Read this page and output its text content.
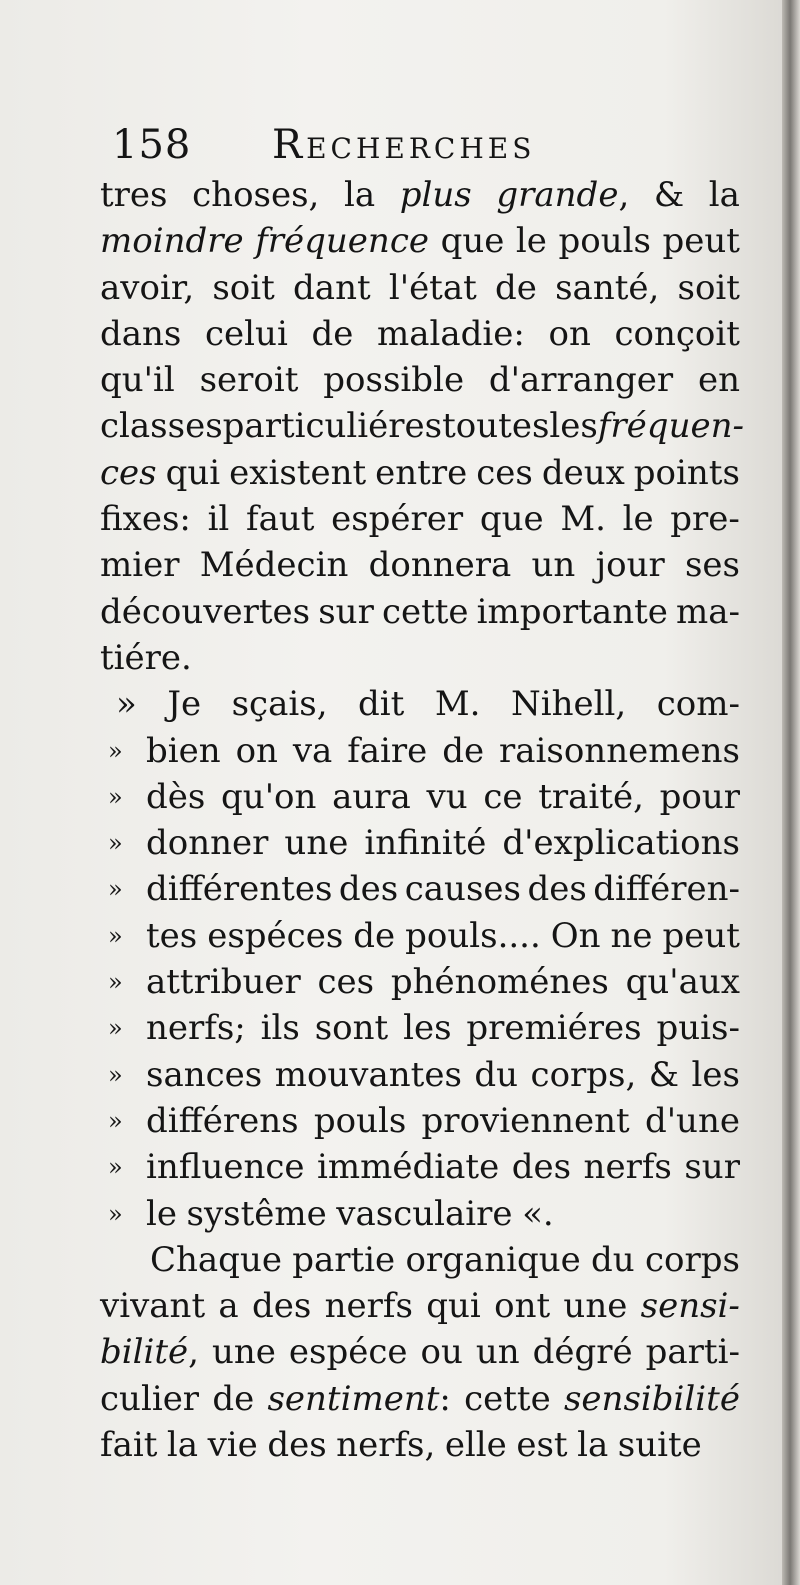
158 Recherches
tres choses, la plus grande, & la
moindre fréquence que le pouls peut
avoir, soit dant l'état de santé, soit
dans celui de maladie: on conçoit
qu'il seroit possible d'arranger en
classes particuliéres toutes les fréquen-
ces qui existent entre ces deux points
fixes: il faut espérer que M. le pre-
mier Médecin donnera un jour ses
découvertes sur cette importante ma-
tiére.
» Je sçais, dit M. Nihell, com-
» bien on va faire de raisonnemens
» dès qu'on aura vu ce traité, pour
» donner une infinité d'explications
» différentes des causes des différen-
» tes espéces de pouls.... On ne peut
» attribuer ces phénoménes qu'aux
» nerfs; ils sont les premiéres puis-
» sances mouvantes du corps, & les
» différens pouls proviennent d'une
» influence immédiate des nerfs sur
» le systême vasculaire «.
Chaque partie organique du corps
vivant a des nerfs qui ont une sensi-
bilité, une espéce ou un dégré parti-
culier de sentiment: cette sensibilité
fait la vie des nerfs, elle est la suite
